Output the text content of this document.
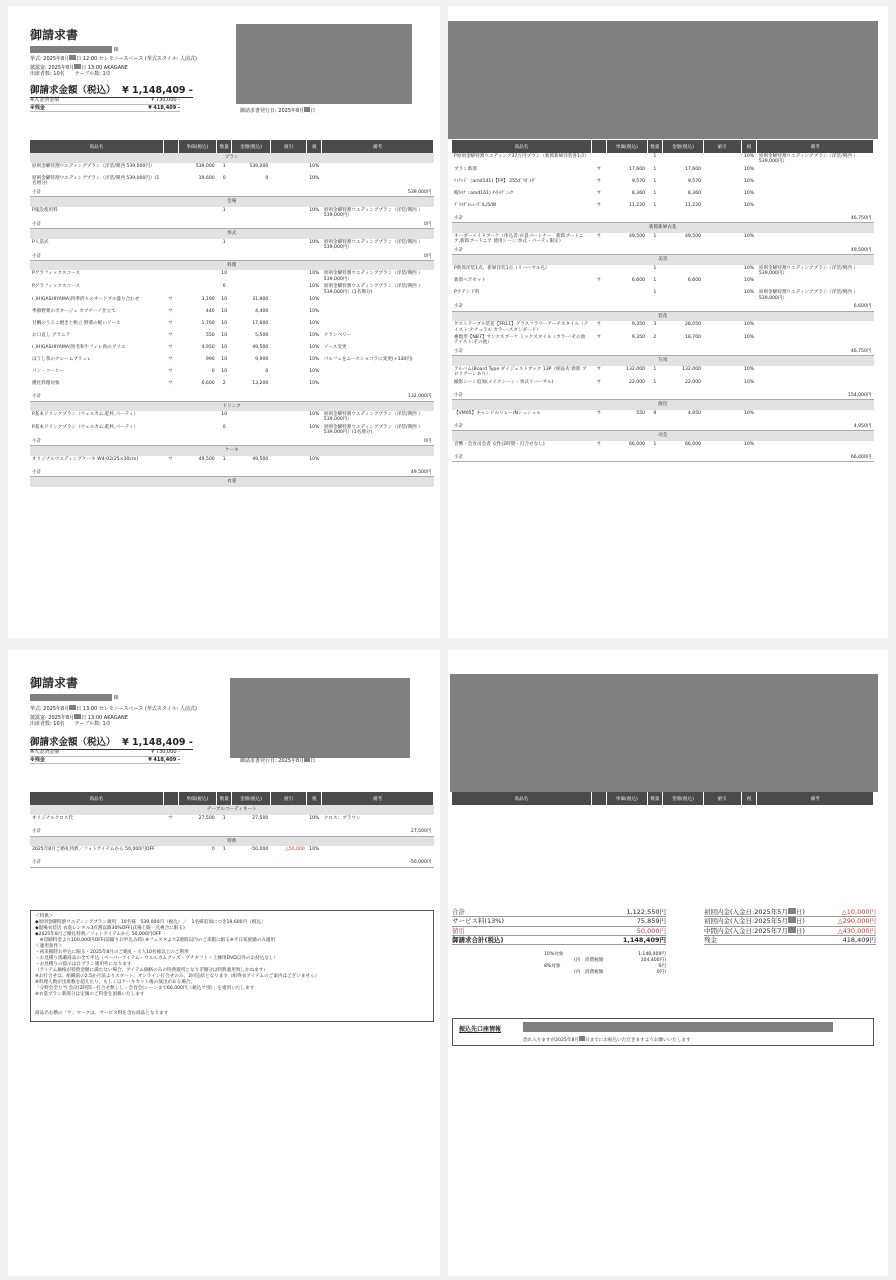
御請求書
様
挙式: 2025年8月 日 12:00 セレモニースペース (挙式スタイル: 人前式)
披露宴: 2025年8月 日 13:00 AKAGANE
出席者数: 10名　　テーブル数: 1卓
御請求金額（税込） ¥ 1,148,409 -
※入金済金額	¥ 730,000 -
※残金	¥ 418,409 -
御請求書発行日: 2025年8月 日
商品名		単価(税込)	数量	金額(税込)	値引	税	備考
プラン							
原則金曜特割ウエディングプラン（洋装/関西 539,000円）		539,000	1	539,000		10%	
原則金曜特割ウエディングプラン（洋装/関西 539,000円）(1名増分)		19,600	0	0		10%	
小計	539,000円						
会場							
P施設使用料			1			10%	原則金曜特割ウエディングプラン（洋装/関西 ）539,000円）
小計	0円						
挙式							
P人前式			1			10%	原則金曜特割ウエディングプラン（洋装/関西 ）539,000円）
小計	0円						
料理							
Pグラフィックスコース			10			10%	原則金曜特割ウエディングプラン（洋装/関西 ）539,000円）
Pグラフィックスコース			0			10%	原則金曜特割ウエディングプラン（洋装/関西 ）539,000円）(1名増分)
(.)HIGASHIYAMA)四季折々のオードブル盛り合わせ	サ	3,190	10	31,900		10%	
季節野菜のポタージュ カプチーノ仕立て	サ	440	10	4,400		10%	
甘鯛のうろこ焼きと帆立 野菜の軽いソース	サ	1,760	10	17,600		10%	
お口直し グラニテ	サ	550	10	5,500		10%	クランベリー
(.)HIGASHIYAMA)黒毛和牛フィレ肉のグリエ	サ	4,950	10	49,500		10%	ソース変更
ほうじ茶のクレームブリュレ	サ	990	10	9,900		10%	パルフェをムースショコラに変更(+330円)
パン・コーヒー	サ	0	10	0		10%	
優化料理対象	サ	6,600	2	13,200		10%	
小計	132,000円						
ドリンク							
P基本ドリンクプラン（ウェルカム,乾杯,パーティ）			10			10%	原則金曜特割ウエディングプラン（洋装/関西 ）539,000円）
P基本ドリンクプラン（ウェルカム,乾杯,パーティ）			0			10%	原則金曜特割ウエディングプラン（洋装/関西 ）539,000円）(1名増分)
小計	0円						
ケーキ							
オリジナルウエディングケーキ W4-02(25×30cm)	サ	49,500	1	49,500		10%	
小計	49,500円						
衣裳							
商品名		単価(税込)	数量	金額(税込)	値引	税	備考
P原則金曜特割ウエディング37万円プラン（新郎新婦洋装各1点）			1			10%	原則金曜特割ウエディングプラン（洋装/関西 ）539,000円）
ブラン新郎	サ	17,600	1	17,600		10%	
ﾘﾐﾃｯﾄﾞ（amd141)【FP】 255ﾎﾞﾂﾎﾞﾙﾀﾞ	サ	9,570	1	9,570		10%	
帽ﾈｲｸ（amd161) ﾀｲﾄﾙﾃﾞﾆｯｸ	サ	8,360	1	8,360		10%	
ﾌﾞﾗｲﾀﾞﾙｼｭｰｽﾞ/L/5/W	サ	11,220	1	11,220		10%	
小計	46,750円						
新郎新婦衣花							
オーダーメイドブーケ（申込者:衣裳パートナー　新郎ブートニア,新郎ブートニア 使用シーン:挙式・パーティ限定）	サ	49,500	1	49,500		10%	
小計	49,500円						
美容							
P新郎洋装1点、新婦洋装1点（リハーサル込）			1			10%	原則金曜特割ウエディングプラン（洋装/関西 ）539,000円）
新郎ヘアセット	サ	6,600	1	6,600		10%	
Pアテンド料			1			10%	原則金曜特割ウエディングプラン（洋装/関西 ）539,000円）
小計	6,600円						
装花							
ゲストテーブル装花【FR11】グラスフラワーアーチスタイル（テイスト:ナチュラル カラー:スタンダード）	サ	9,350	3	28,050		10%	
複数形【NB7】サンクスブーケ ミックスタイル（カラー:その他 テイスト:その他）	サ	9,350	2	18,700		10%	
小計	46,750円						
写真							
アルバム(Board Type ダイジェストブック 13P（納品先:新郎 プロリアーンあり）	サ	132,000	1	132,000		10%	
撮影シーン追加(メイクシーン・挙式リハーサル)	サ	22,000	1	22,000		10%	
小計	154,000円						
演出							
【VM05】キャンドルリレー/Nシュシュル	サ	550	9	4,950		10%	
小計	4,950円						
司会							
音響・会食司会者 女性(2時間・打合せなし)	サ	66,000	1	66,000		10%	
小計	66,000円						
御請求書
様
挙式: 2025年8月 日 13:00 セレモニースペース (挙式スタイル: 人前式)
披露宴: 2025年8月 日 13:00 AKAGANE
出席者数: 10名　　テーブル数: 1卓
御請求金額（税込） ¥ 1,148,409 -
※入金済金額	¥ 730,000 -
※残金	¥ 418,409 -	御請求書発行日: 2025年8月 日
商品名		単価(税込)	数量	金額(税込)	値引	税	備考
テーブルコーディネート							
オリジナルクロス代	サ	27,500	1	27,500		10%	クロス：ブラウン
小計	27,500円						
特典							
2025年8月ご婚礼特典／フォトアイテムから 50,000円OFF		0	1	-50,000	△50,000	10%	
小計	-50,000円						
＜特典＞
◆原則金曜特割ウエディングプラン適用　10名様　539,000円（税込）／　1名様追加につき19,600円（税込）
◆現場衣装店 衣裳レンタル3点割以降30%OFF(式場上限一点複合に限る)
◆2025年8月ご婚礼特典／フォトアイテムから 50,000円OFF
　※印刷料金より100,000円OFF(前撮りお申込み時) ※フェスタより2週間以内のご来館に限る※平日家族婚のみ適用
＜適用条件＞
・初来館時お申込に限る・2025年8月のご婚礼・大人10名様以上のご利用
・お見積り掲載商品の全て申込（ペーパーアイテム・ウエルカムグッズ・プチギフト・上棟用DVD以外のお持込なし）
・お見積りの提示は自プラン適用外になります
（アイテム価格が特典金額に満たない場合、アイテム価格のみの特典適用となり差額分は特典適用致しかねます）
※お打合せは、組織前の2.5か月前よりスタート、オンライン打合せのみ、2回完結となります（組得衣アイテムのご案内はございません）
※料理人数が出席数を超えたり、もしくはケーキカット後の演出がある場合、
「分野会全り当 会計(2時間・打合せ無しし・会食会(シーンまで66,000円（税込サ別）」を適用いたします
※衣裳プラン新郎分は定価のご料金を頂載いたします
商品名右横の「サ」マークは、サービス料を含む商品となります
商品名		単価(税込)	数量	金額(税込)	値引	税	備考
合計	1,122,550円
サービス料(13%)	75,859円
値引	50,000円
御請求合計(税込)	1,148,409円
初回内金(入金日:2025年5月 日)	△10,000円
初回内金(入金日:2025年5月 日)	△290,000円
中間内金(入金日:2025年7月 日)	△430,000円
残金	418,409円
10%対象	1,148,409円
(内　消費税額	104,400円)
8%対象	0円
(内　消費税額	0円)
振込先口座情報
恐れ入りますが2025年8月 日までにお振込いただきますようお願いいたします
